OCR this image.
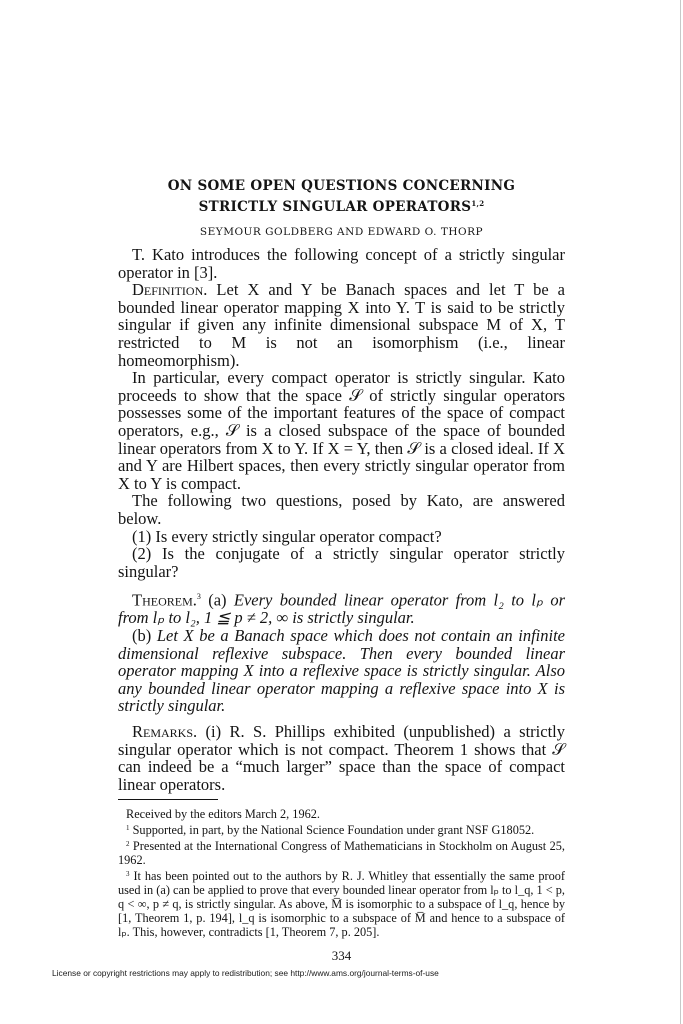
ON SOME OPEN QUESTIONS CONCERNING
STRICTLY SINGULAR OPERATORS$^{1,2}$
SEYMOUR GOLDBERG AND EDWARD O. THORP

T. Kato introduces the following concept of a strictly singular operator in [3].

Definition. Let X and Y be Banach spaces and let T be a bounded linear operator mapping X into Y. T is said to be strictly singular if given any infinite dimensional subspace M of X, T restricted to M is not an isomorphism (i.e., linear homeomorphism).

In particular, every compact operator is strictly singular. Kato proceeds to show that the space 𝒮 of strictly singular operators possesses some of the important features of the space of compact operators, e.g., 𝒮 is a closed subspace of the space of bounded linear operators from X to Y. If X = Y, then 𝒮 is a closed ideal. If X and Y are Hilbert spaces, then every strictly singular operator from X to Y is compact.

The following two questions, posed by Kato, are answered below.

(1) Is every strictly singular operator compact?

(2) Is the conjugate of a strictly singular operator strictly singular?

Theorem.$^3$ (a) Every bounded linear operator from l₂ to lₚ or from lₚ to l₂, 1 ≦ p ≠ 2, ∞ is strictly singular.

(b) Let X be a Banach space which does not contain an infinite dimensional reflexive subspace. Then every bounded linear operator mapping X into a reflexive space is strictly singular. Also any bounded linear operator mapping a reflexive space into X is strictly singular.

Remarks. (i) R. S. Phillips exhibited (unpublished) a strictly singular operator which is not compact. Theorem 1 shows that 𝒮 can indeed be a “much larger” space than the space of compact linear operators.

Received by the editors March 2, 1962.

$^1$ Supported, in part, by the National Science Foundation under grant NSF G18052.

$^2$ Presented at the International Congress of Mathematicians in Stockholm on August 25, 1962.

$^3$ It has been pointed out to the authors by R. J. Whitley that essentially the same proof used in (a) can be applied to prove that every bounded linear operator from lₚ to l_q, 1 < p, q < ∞, p ≠ q, is strictly singular. As above, M̅ is isomorphic to a subspace of l_q, hence by [1, Theorem 1, p. 194], l_q is isomorphic to a subspace of M̅ and hence to a subspace of lₚ. This, however, contradicts [1, Theorem 7, p. 205].

334
License or copyright restrictions may apply to redistribution; see http://www.ams.org/journal-terms-of-use
